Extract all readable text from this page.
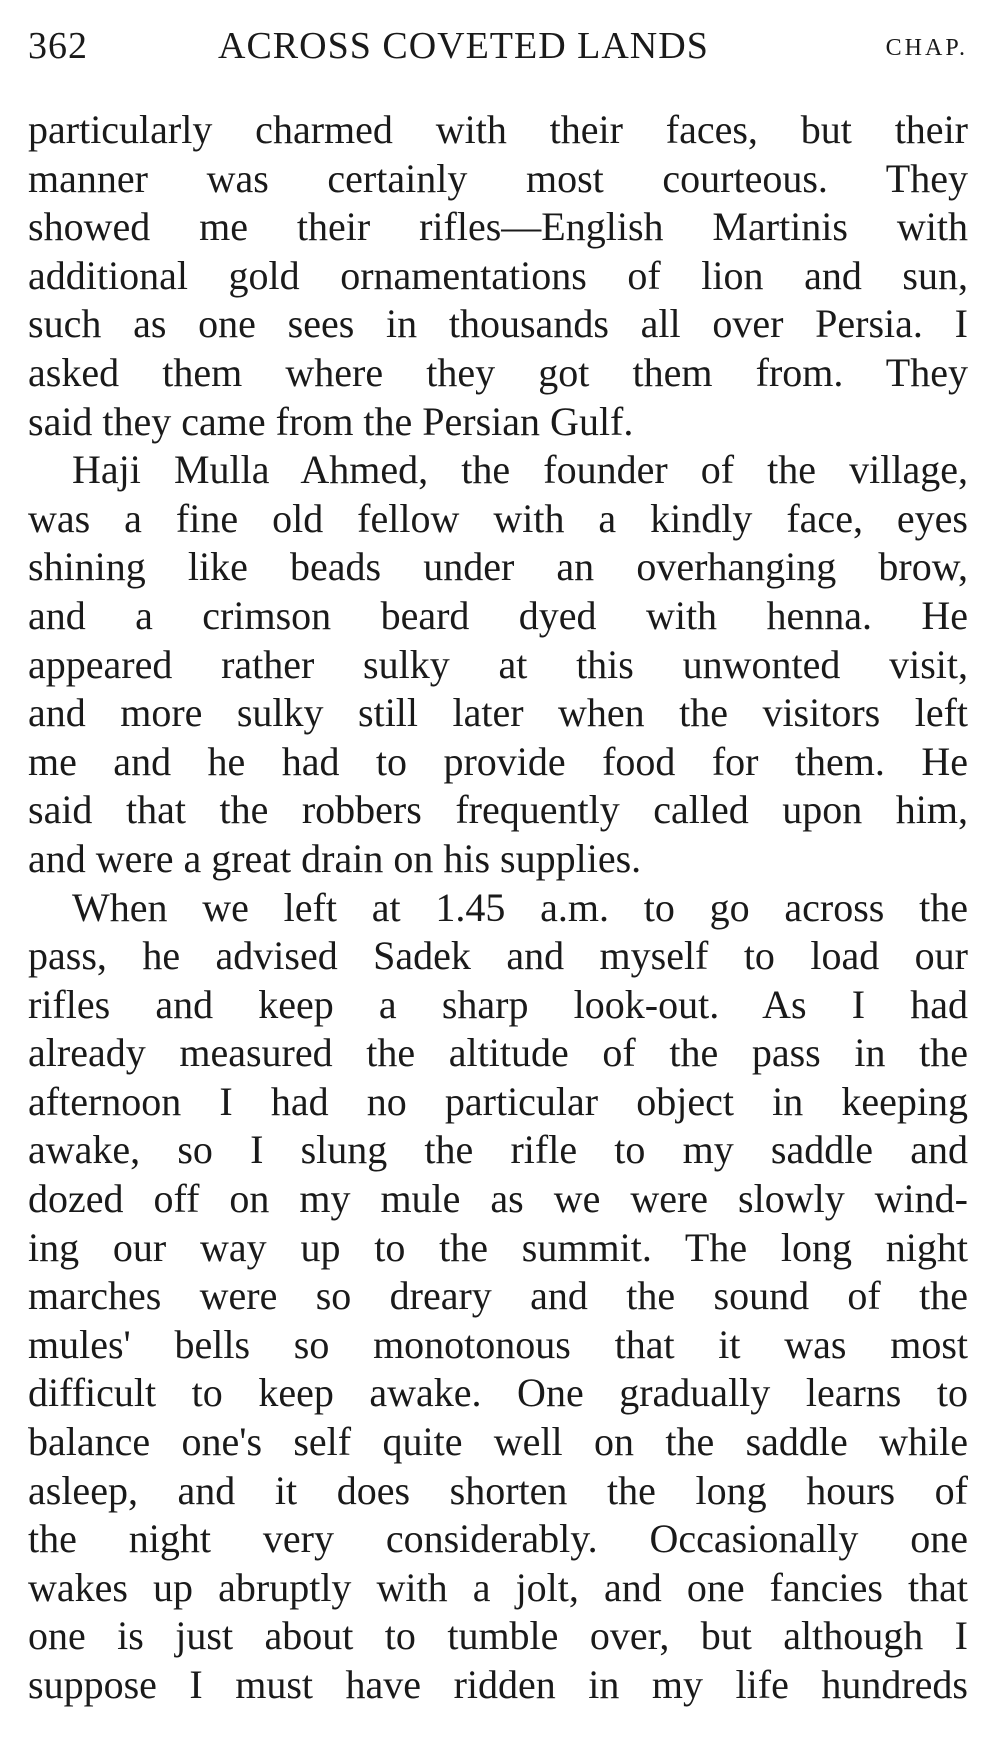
362	ACROSS COVETED LANDS	CHAP.
particularly charmed with their faces, but their
manner was certainly most courteous. They
showed me their rifles—English Martinis with
additional gold ornamentations of lion and sun,
such as one sees in thousands all over Persia. I
asked them where they got them from. They
said they came from the Persian Gulf.
Haji Mulla Ahmed, the founder of the village,
was a fine old fellow with a kindly face, eyes
shining like beads under an overhanging brow,
and a crimson beard dyed with henna. He
appeared rather sulky at this unwonted visit,
and more sulky still later when the visitors left
me and he had to provide food for them. He
said that the robbers frequently called upon him,
and were a great drain on his supplies.
When we left at 1.45 a.m. to go across the
pass, he advised Sadek and myself to load our
rifles and keep a sharp look-out. As I had
already measured the altitude of the pass in the
afternoon I had no particular object in keeping
awake, so I slung the rifle to my saddle and
dozed off on my mule as we were slowly wind-
ing our way up to the summit. The long night
marches were so dreary and the sound of the
mules' bells so monotonous that it was most
difficult to keep awake. One gradually learns to
balance one's self quite well on the saddle while
asleep, and it does shorten the long hours of
the night very considerably. Occasionally one
wakes up abruptly with a jolt, and one fancies that
one is just about to tumble over, but although I
suppose I must have ridden in my life hundreds
